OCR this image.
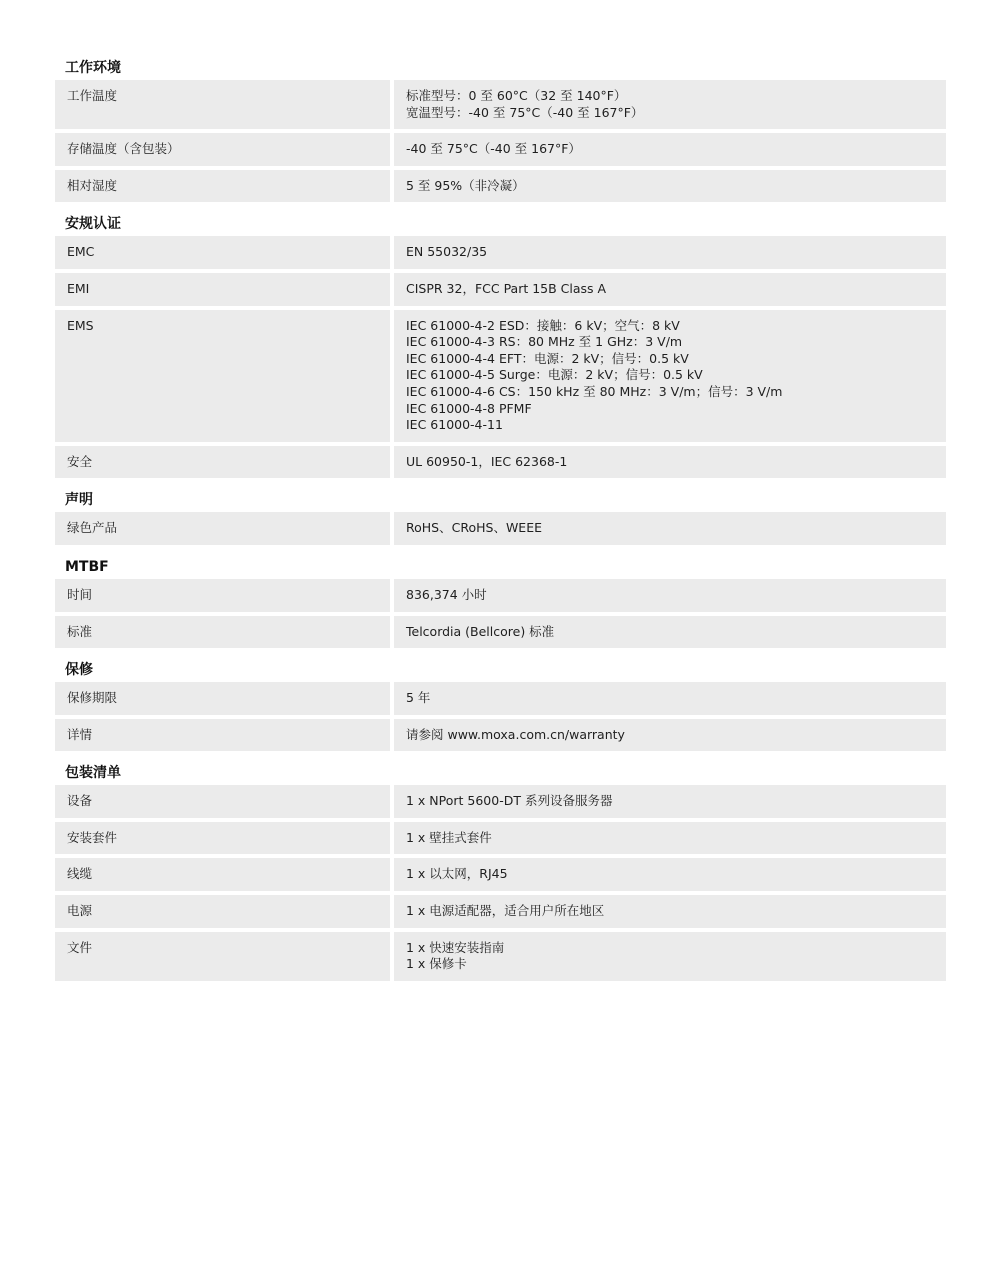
工作环境
工作温度	标准型号：0 至 60°C（32 至 140°F）
宽温型号：-40 至 75°C（-40 至 167°F）
存储温度（含包装）	-40 至 75°C（-40 至 167°F）
相对湿度	5 至 95%（非冷凝）
安规认证
EMC	EN 55032/35
EMI	CISPR 32，FCC Part 15B Class A
EMS	IEC 61000-4-2 ESD：接触：6 kV；空气：8 kV
IEC 61000-4-3 RS：80 MHz 至 1 GHz：3 V/m
IEC 61000-4-4 EFT：电源：2 kV；信号：0.5 kV
IEC 61000-4-5 Surge：电源：2 kV；信号：0.5 kV
IEC 61000-4-6 CS：150 kHz 至 80 MHz：3 V/m；信号：3 V/m
IEC 61000-4-8 PFMF
IEC 61000-4-11
安全	UL 60950-1，IEC 62368-1
声明
绿色产品	RoHS、CRoHS、WEEE
MTBF
时间	836,374 小时
标准	Telcordia (Bellcore) 标准
保修
保修期限	5 年
详情	请参阅 www.moxa.com.cn/warranty
包装清单
设备	1 x NPort 5600-DT 系列设备服务器
安装套件	1 x 壁挂式套件
线缆	1 x 以太网，RJ45
电源	1 x 电源适配器，适合用户所在地区
文件	1 x 快速安装指南
1 x 保修卡
